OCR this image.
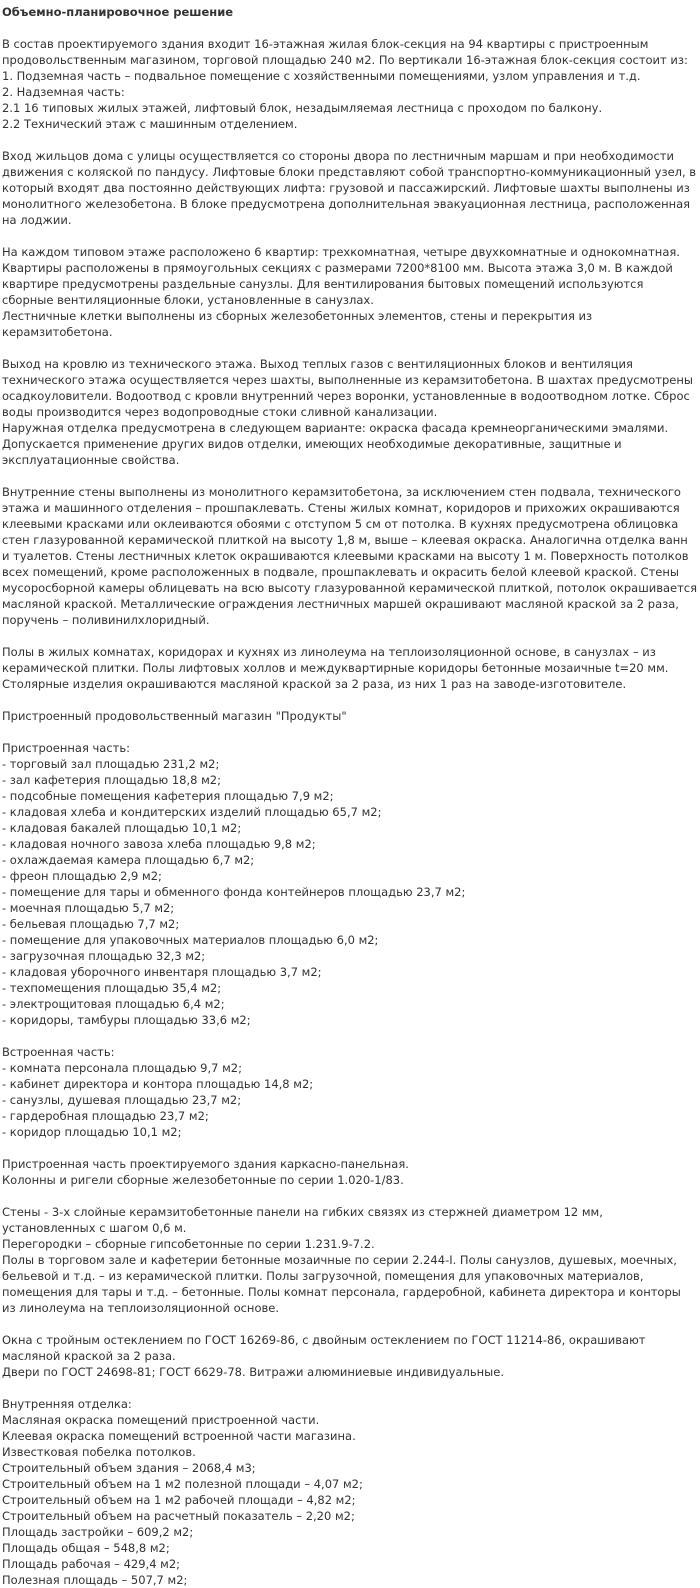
Объемно-планировочное решение
В состав проектируемого здания входит 16-этажная жилая блок-секция на 94 квартиры с пристроенным продовольственным магазином, торговой площадью 240 м2. По вертикали 16-этажная блок-секция состоит из:
1. Подземная часть – подвальное помещение с хозяйственными помещениями, узлом управления и т.д.
2. Надземная часть:
2.1 16 типовых жилых этажей, лифтовый блок, незадымляемая лестница с проходом по балкону.
2.2 Технический этаж с машинным отделением.
Вход жильцов дома с улицы осуществляется со стороны двора по лестничным маршам и при необходимости движения с коляской по пандусу. Лифтовые блоки представляют собой транспортно-коммуникационный узел, в который входят два постоянно действующих лифта: грузовой и пассажирский. Лифтовые шахты выполнены из монолитного железобетона. В блоке предусмотрена дополнительная эвакуационная лестница, расположенная на лоджии.
На каждом типовом этаже расположено 6 квартир: трехкомнатная, четыре двухкомнатные и однокомнатная. Квартиры расположены в прямоугольных секциях с размерами 7200*8100 мм. Высота этажа 3,0 м. В каждой квартире предусмотрены раздельные санузлы. Для вентилирования бытовых помещений используются сборные вентиляционные блоки, установленные в санузлах.
Лестничные клетки выполнены из сборных железобетонных элементов, стены и перекрытия из керамзитобетона.
Выход на кровлю из технического этажа. Выход теплых газов с вентиляционных блоков и вентиляция технического этажа осуществляется через шахты, выполненные из керамзитобетона. В шахтах предусмотрены осадкоуловители. Водоотвод с кровли внутренний через воронки, установленные в водоотводном лотке. Сброс воды производится через водопроводные стоки сливной канализации.
Наружная отделка предусмотрена в следующем варианте: окраска фасада кремнеорганическими эмалями. Допускается применение других видов отделки, имеющих необходимые декоративные, защитные и эксплуатационные свойства.
Внутренние стены выполнены из монолитного керамзитобетона, за исключением стен подвала, технического этажа и машинного отделения – прошпаклевать. Стены жилых комнат, коридоров и прихожих окрашиваются клеевыми красками или оклеиваются обоями с отступом 5 см от потолка. В кухнях предусмотрена облицовка стен глазурованной керамической плиткой на высоту 1,8 м, выше – клеевая окраска. Аналогична отделка ванн и туалетов. Стены лестничных клеток окрашиваются клеевыми красками на высоту 1 м. Поверхность потолков всех помещений, кроме расположенных в подвале, прошпаклевать и окрасить белой клеевой краской. Стены мусоросборной камеры облицевать на всю высоту глазурованной керамической плиткой, потолок окрашивается масляной краской. Металлические ограждения лестничных маршей окрашивают масляной краской за 2 раза, поручень – поливинилхлоридный.
Полы в жилых комнатах, коридорах и кухнях из линолеума на теплоизоляционной основе, в санузлах – из керамической плитки. Полы лифтовых холлов и междуквартирные коридоры бетонные мозаичные t=20 мм. Столярные изделия окрашиваются масляной краской за 2 раза, из них 1 раз на заводе-изготовителе.
Пристроенный продовольственный магазин "Продукты"
Пристроенная часть:
- торговый зал площадью 231,2 м2;
- зал кафетерия площадью 18,8 м2;
- подсобные помещения кафетерия площадью 7,9 м2;
- кладовая хлеба и кондитерских изделий площадью 65,7 м2;
- кладовая бакалей площадью 10,1 м2;
- кладовая ночного завоза хлеба площадью 9,8 м2;
- охлаждаемая камера площадью 6,7 м2;
- фреон площадью 2,9 м2;
- помещение для тары и обменного фонда контейнеров площадью 23,7 м2;
- моечная площадью 5,7 м2;
- бельевая площадью 7,7 м2;
- помещение для упаковочных материалов площадью 6,0 м2;
- загрузочная площадью 32,3 м2;
- кладовая уборочного инвентаря площадью 3,7 м2;
- техпомещения площадью 35,4 м2;
- электрощитовая площадью 6,4 м2;
- коридоры, тамбуры площадью 33,6 м2;
Встроенная часть:
- комната персонала площадью 9,7 м2;
- кабинет директора и контора площадью 14,8 м2;
- санузлы, душевая площадью 23,7 м2;
- гардеробная площадью 23,7 м2;
- коридор площадью 10,1 м2;
Пристроенная часть проектируемого здания каркасно-панельная.
Колонны и ригели сборные железобетонные по серии 1.020-1/83.
Стены - 3-х слойные керамзитобетонные панели на гибких связях из стержней диаметром 12 мм, установленных с шагом 0,6 м.
Перегородки – сборные гипсобетонные по серии 1.231.9-7.2.
Полы в торговом зале и кафетерии бетонные мозаичные по серии 2.244-I. Полы санузлов, душевых, моечных, бельевой и т.д. – из керамической плитки. Полы загрузочной, помещения для упаковочных материалов, помещения для тары и т.д. – бетонные. Полы комнат персонала, гардеробной, кабинета директора и конторы из линолеума на теплоизоляционной основе.
Окна с тройным остеклением по ГОСТ 16269-86, с двойным остеклением по ГОСТ 11214-86, окрашивают масляной краской за 2 раза.
Двери по ГОСТ 24698-81; ГОСТ 6629-78. Витражи алюминиевые индивидуальные.
Внутренняя отделка:
Масляная окраска помещений пристроенной части.
Клеевая окраска помещений встроенной части магазина.
Известковая побелка потолков.
Строительный объем здания – 2068,4 м3;
Строительный объем на 1 м2 полезной площади – 4,07 м2;
Строительный объем на 1 м2 рабочей площади – 4,82 м2;
Строительный объем на расчетный показатель – 2,20 м2;
Площадь застройки – 609,2 м2;
Площадь общая – 548,8 м2;
Площадь рабочая – 429,4 м2;
Полезная площадь – 507,7 м2;
